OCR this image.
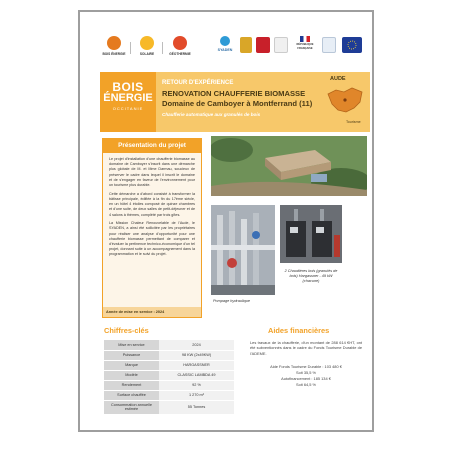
BOIS ÉNERGIE	SOLAIRE	GÉOTHERMIE
SYADEN
RÉPUBLIQUE FRANÇAISE
BOIS
ÉNERGIE
OCCITANIE
RETOUR D'EXPÉRIENCE
RENOVATION CHAUFFERIE BIOMASSE
Domaine de Camboyer à Montferrand (11)
Chaufferie automatique aux granulés de bois
AUDE
Tourisme
Présentation du projet

Le projet d'installation d'une chaufferie biomasse au domaine de Camboyer s'inscrit dans une démarche plus globale de M. et Mme Darmau, soucieux de préserver le cadre dans lequel il inscrit le domaine et de s'engager en faveur de l'environnement pour un tourisme plus durable.

Cette démarche a d'abord consisté à transformer la bâtisse principale, édifiée à la fin du 17ème siècle, en un hôtel 4 étoiles composé de quinze chambres et d'une suite, de deux salles de petit-déjeuner et de 4 salons à thèmes, complété par trois gîtes.

La Mission Chaleur Renouvelable de l'Aude, le SYADEN, a ainsi été sollicitée par les propriétaires pour réaliser une analyse d'opportunité pour une chaufferie biomasse permettant de comparer et d'évaluer la pertinence technico-économique d'un tel projet, donnant suite à un accompagnement dans la programmation et le suivi du projet.

Année de mise en service : 2024
2 Chaudières bois (granulés de bois) Hargassner - 49 kW (chacune)
Pompage hydraulique
Chiffres-clés
Mise en service	2024
Puissance	98 KW (2x49KW)
Marque	HARGASSNER
Modèle	CLASSIC LAMBDA 49
Rendement	92 %
Surface chauffée	1 270 m²
Consommation annuelle estimée	55 Tonnes
Aides financières
Les travaux de la chaufferie, d'un montant de 288 614 €HT, ont été subventionnés dans le cadre du Fonds Tourisme Durable de l'ADEME.
Aide Fonds Tourisme Durable : 103 480 €
Soit 35,5 %
Autofinancement : 185 134 €
Soit 64,5 %
